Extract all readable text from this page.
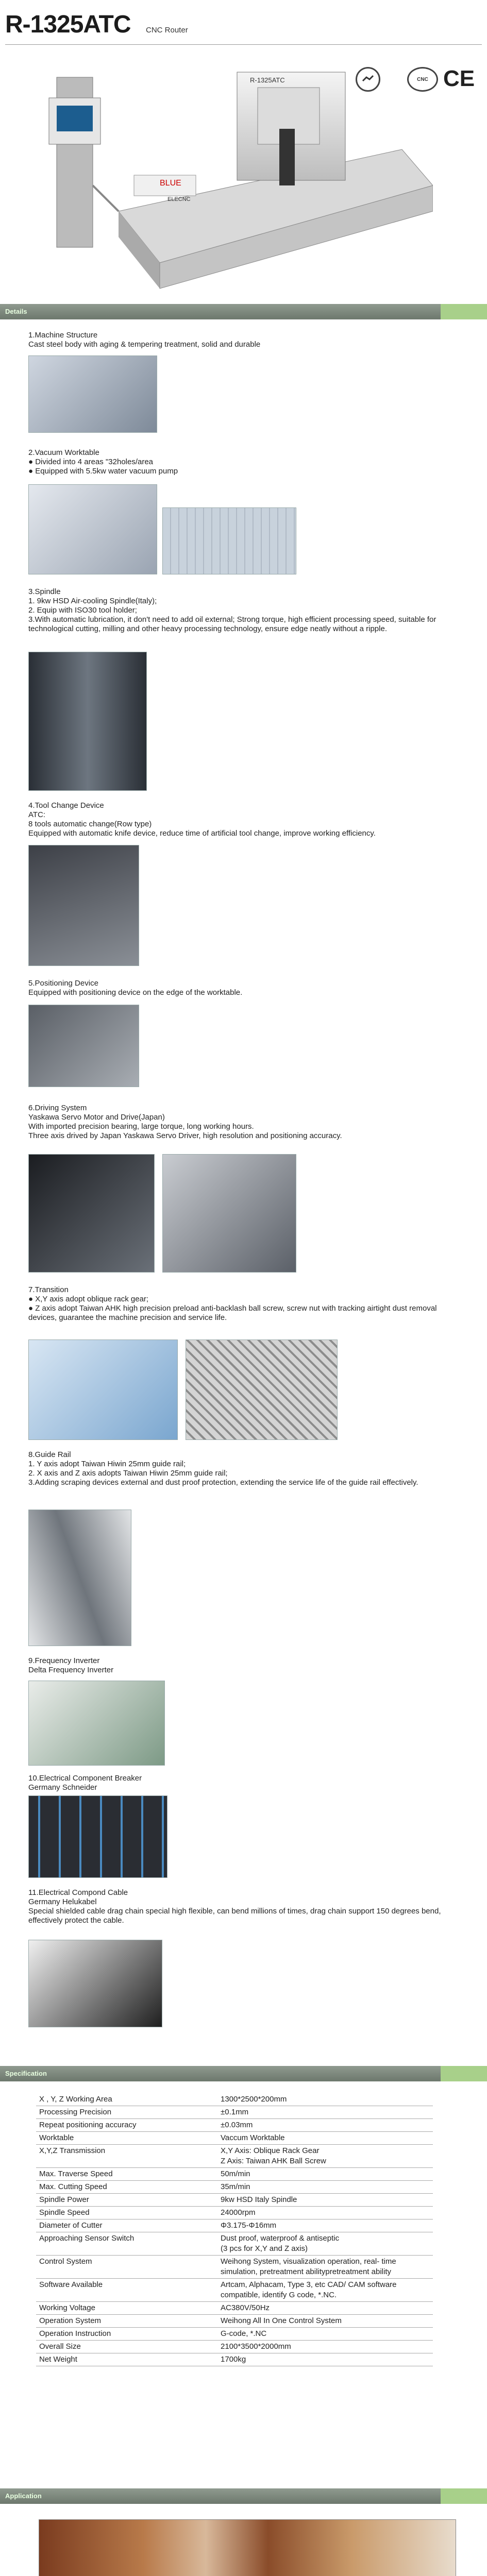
R-1325ATC CNC Router
CNC CE
BLUE
R-1325ATC
ELECNC
Details

1.Machine Structure

Cast steel body with aging & tempering treatment, solid and durable

2.Vacuum Worktable

● Divided into 4 areas "32holes/area

● Equipped with 5.5kw water vacuum pump

3.Spindle

1. 9kw HSD Air-cooling Spindle(Italy);

2. Equip with ISO30 tool holder;

3.With automatic lubrication, it don't need to add oil external; Strong torque, high efficient processing speed, suitable for technological cutting, milling and other heavy processing technology, ensure edge neatly without a ripple.

4.Tool Change Device

ATC:

8 tools automatic change(Row type)

Equipped with automatic knife device, reduce time of artificial tool change, improve working efficiency.

5.Positioning Device

Equipped with positioning device on the edge of the worktable.

6.Driving System

Yaskawa Servo Motor and Drive(Japan)

With imported precision bearing, large torque, long working hours.

Three axis drived by Japan Yaskawa Servo Driver, high resolution and positioning accuracy.

7.Transition

● X,Y axis adopt oblique rack gear;

● Z axis adopt Taiwan AHK high precision preload anti-backlash ball screw, screw nut with tracking airtight dust removal devices, guarantee the machine precision and service life.

8.Guide Rail

1. Y axis adopt Taiwan Hiwin 25mm guide rail;

2. X axis and Z axis adopts Taiwan Hiwin 25mm guide rail;

3.Adding scraping devices external and dust proof protection, extending the service life of the guide rail effectively.

9.Frequency Inverter

Delta Frequency Inverter

10.Electrical Component Breaker

Germany Schneider

11.Electrical Compond Cable

Germany Helukabel

Special shielded cable drag chain special high flexible, can bend millions of times, drag chain support 150 degrees bend, effectively protect the cable.

Specification
X , Y, Z Working Area	1300*2500*200mm
Processing Precision	±0.1mm
Repeat positioning accuracy	±0.03mm
Worktable	Vaccum Worktable
X,Y,Z Transmission	X,Y Axis: Oblique Rack Gear
Z Axis: Taiwan AHK Ball Screw
Max. Traverse Speed	50m/min
Max. Cutting Speed	35m/min
Spindle Power	9kw HSD Italy Spindle
Spindle Speed	24000rpm
Diameter of Cutter	Φ3.175-Φ16mm
Approaching Sensor Switch	Dust proof, waterproof & antiseptic
(3 pcs for X,Y and Z axis)
Control System	Weihong System, visualization operation, real- time simulation, pretreatment abilitypretreatment ability
Software Available	Artcam, Alphacam, Type 3, etc CAD/ CAM software compatible, identify G code, *.NC.
Working Voltage	AC380V/50Hz
Operation System	Weihong All In One Control System
Operation Instruction	G-code, *.NC
Overall Size	2100*3500*2000mm
Net Weight	1700kg
Application
